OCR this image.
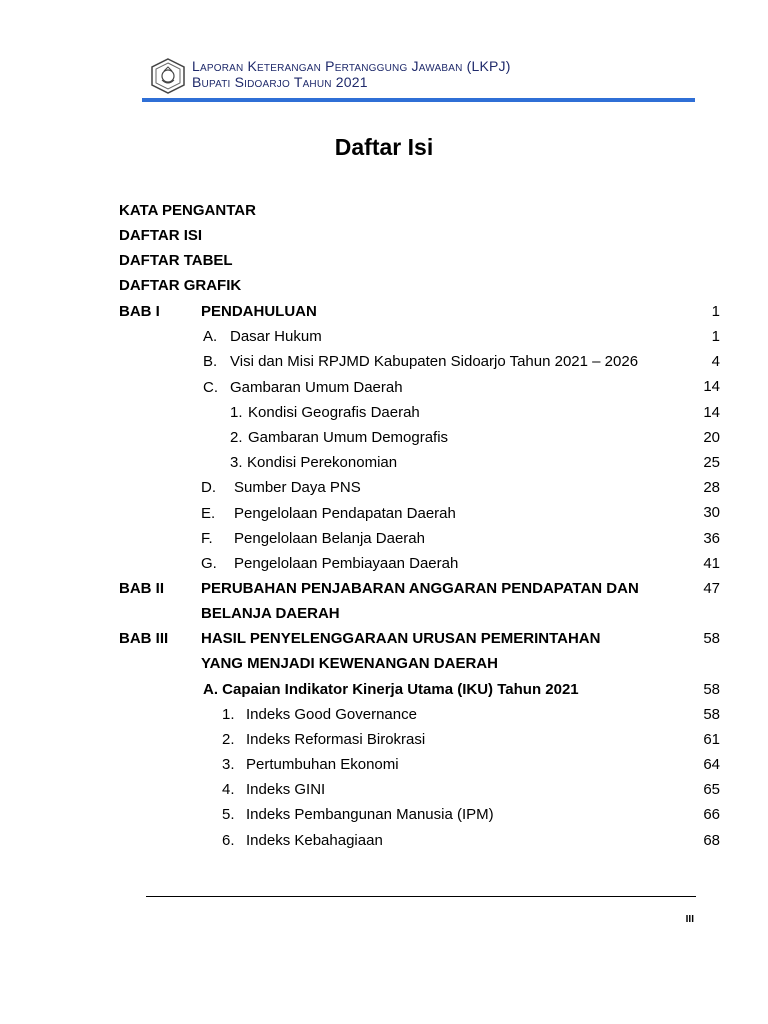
Laporan Keterangan Pertanggung Jawaban (LKPJ)
Bupati Sidoarjo Tahun 2021
Daftar Isi
KATA PENGANTAR
DAFTAR ISI
DAFTAR TABEL
DAFTAR GRAFIK
BAB I	PENDAHULUAN	1
A. Dasar Hukum	1
B. Visi dan Misi RPJMD Kabupaten Sidoarjo Tahun 2021 – 2026	4
C. Gambaran Umum Daerah	14
1. Kondisi Geografis Daerah	14
2. Gambaran Umum Demografis	20
3. Kondisi Perekonomian	25
D. Sumber Daya PNS	28
E. Pengelolaan Pendapatan Daerah	30
F. Pengelolaan Belanja Daerah	36
G. Pengelolaan Pembiayaan Daerah	41
BAB II PERUBAHAN PENJABARAN ANGGARAN PENDAPATAN DAN	47
BELANJA DAERAH
BAB III HASIL PENYELENGGARAAN URUSAN PEMERINTAHAN	58
YANG MENJADI KEWENANGAN DAERAH
A. Capaian Indikator Kinerja Utama (IKU) Tahun 2021	58
1. Indeks Good Governance	58
2. Indeks Reformasi Birokrasi	61
3. Pertumbuhan Ekonomi	64
4. Indeks GINI	65
5. Indeks Pembangunan Manusia (IPM)	66
6. Indeks Kebahagiaan	68
III
